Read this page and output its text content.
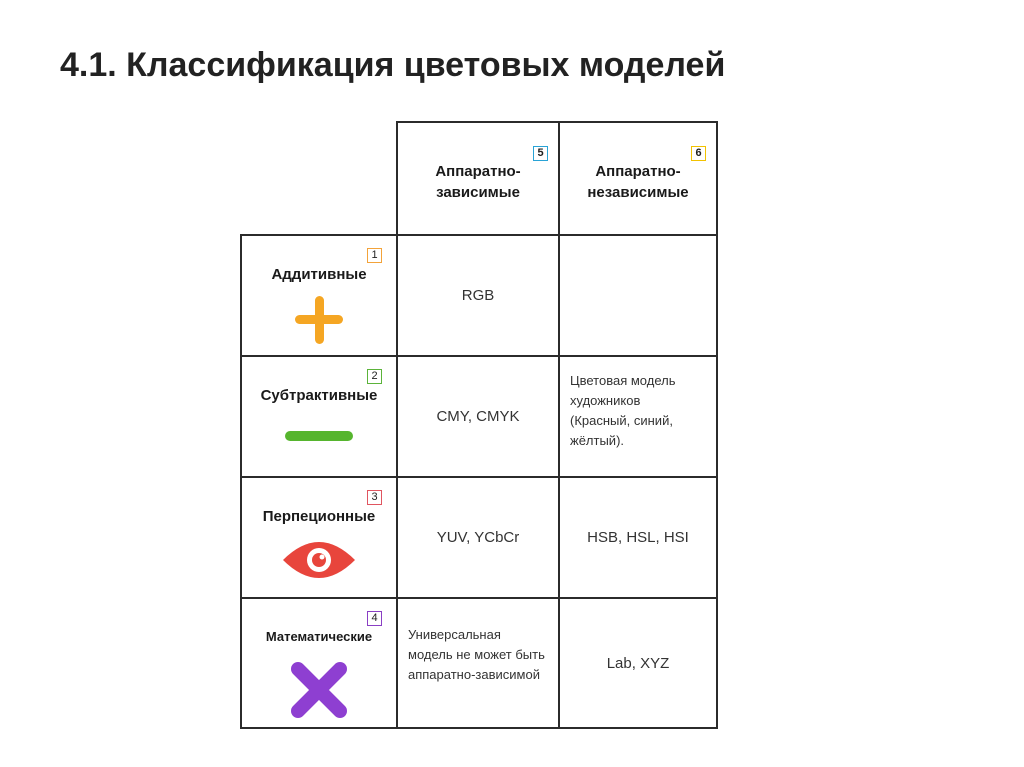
4.1. Классификация цветовых моделей
5
Аппаратно-
зависимые
6
Аппаратно-
независимые
1
Аддитивные
RGB
2
Субтрактивные
CMY, CMYK
Цветовая модель
художников
(Красный, синий,
жёлтый).
3
Перпеционные
YUV, YCbCr	HSB, HSL, HSI
4
Математические	Универсальная
модель не может быть
аппаратно-зависимой
Lab, XYZ
